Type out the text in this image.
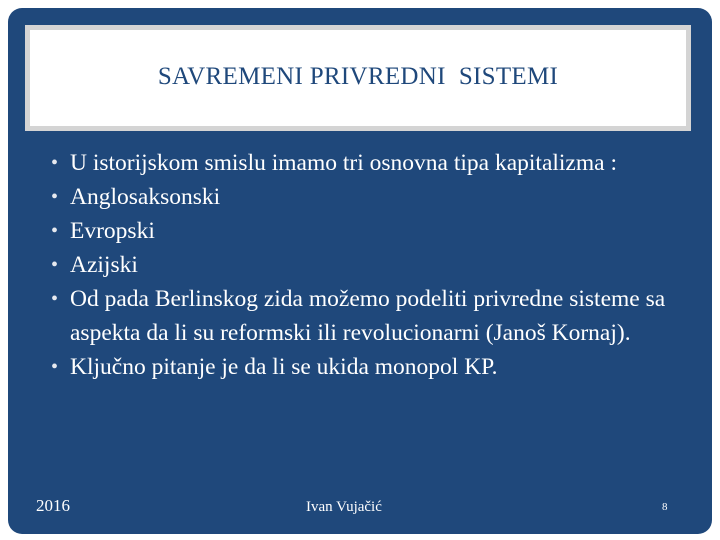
SAVREMENI PRIVREDNI  SISTEMI
• U istorijskom smislu imamo tri osnovna tipa kapitalizma :
• Anglosaksonski
• Evropski
• Azijski
• Od pada Berlinskog zida možemo podeliti privredne sisteme sa aspekta da li su reformski ili revolucionarni (Janoš Kornaj).
• Ključno pitanje je da li se ukida monopol KP.
2016	Ivan Vujačić	8
